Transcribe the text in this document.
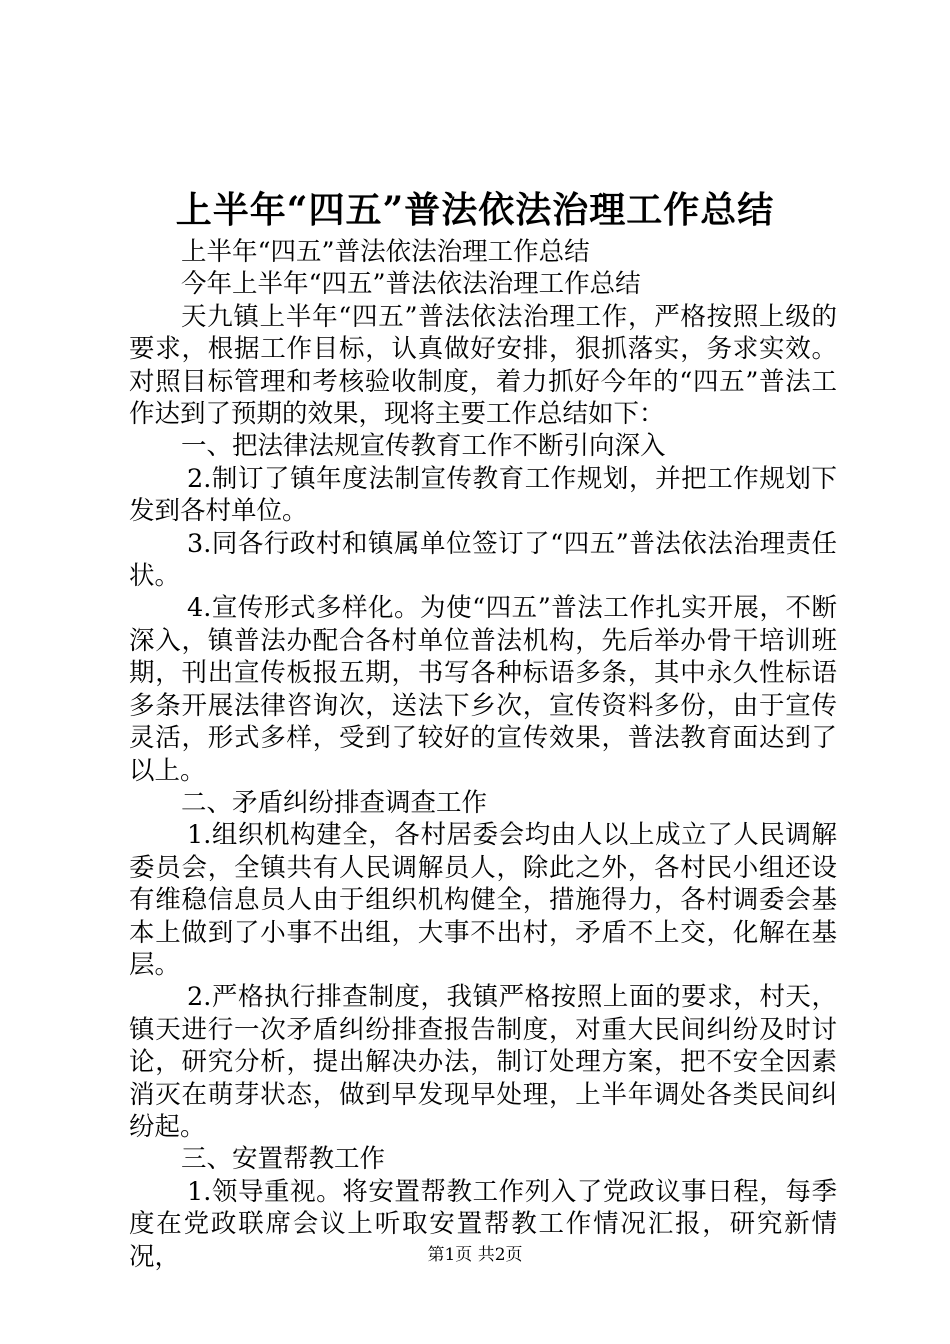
上半年“四五”普法依法治理工作总结

上半年“四五”普法依法治理工作总结

今年上半年“四五”普法依法治理工作总结

天九镇上半年“四五”普法依法治理工作，严格按照上级的要求，根据工作目标，认真做好安排，狠抓落实，务求实效。对照目标管理和考核验收制度，着力抓好今年的“四五”普法工作达到了预期的效果，现将主要工作总结如下：

一、把法律法规宣传教育工作不断引向深入

2.制订了镇年度法制宣传教育工作规划，并把工作规划下发到各村单位。

3.同各行政村和镇属单位签订了“四五”普法依法治理责任状。

4.宣传形式多样化。为使“四五”普法工作扎实开展，不断深入，镇普法办配合各村单位普法机构，先后举办骨干培训班期，刊出宣传板报五期，书写各种标语多条，其中永久性标语多条开展法律咨询次，送法下乡次，宣传资料多份，由于宣传灵活，形式多样，受到了较好的宣传效果，普法教育面达到了以上。

二、矛盾纠纷排查调查工作

1.组织机构建全，各村居委会均由人以上成立了人民调解委员会，全镇共有人民调解员人，除此之外，各村民小组还设有维稳信息员人由于组织机构健全，措施得力，各村调委会基本上做到了小事不出组，大事不出村，矛盾不上交，化解在基层。

2.严格执行排查制度，我镇严格按照上面的要求，村天，镇天进行一次矛盾纠纷排查报告制度，对重大民间纠纷及时讨论，研究分析，提出解决办法，制订处理方案，把不安全因素消灭在萌芽状态，做到早发现早处理，上半年调处各类民间纠纷起。

三、安置帮教工作

1.领导重视。将安置帮教工作列入了党政议事日程，每季度在党政联席会议上听取安置帮教工作情况汇报，研究新情况，	第1页 共2页
